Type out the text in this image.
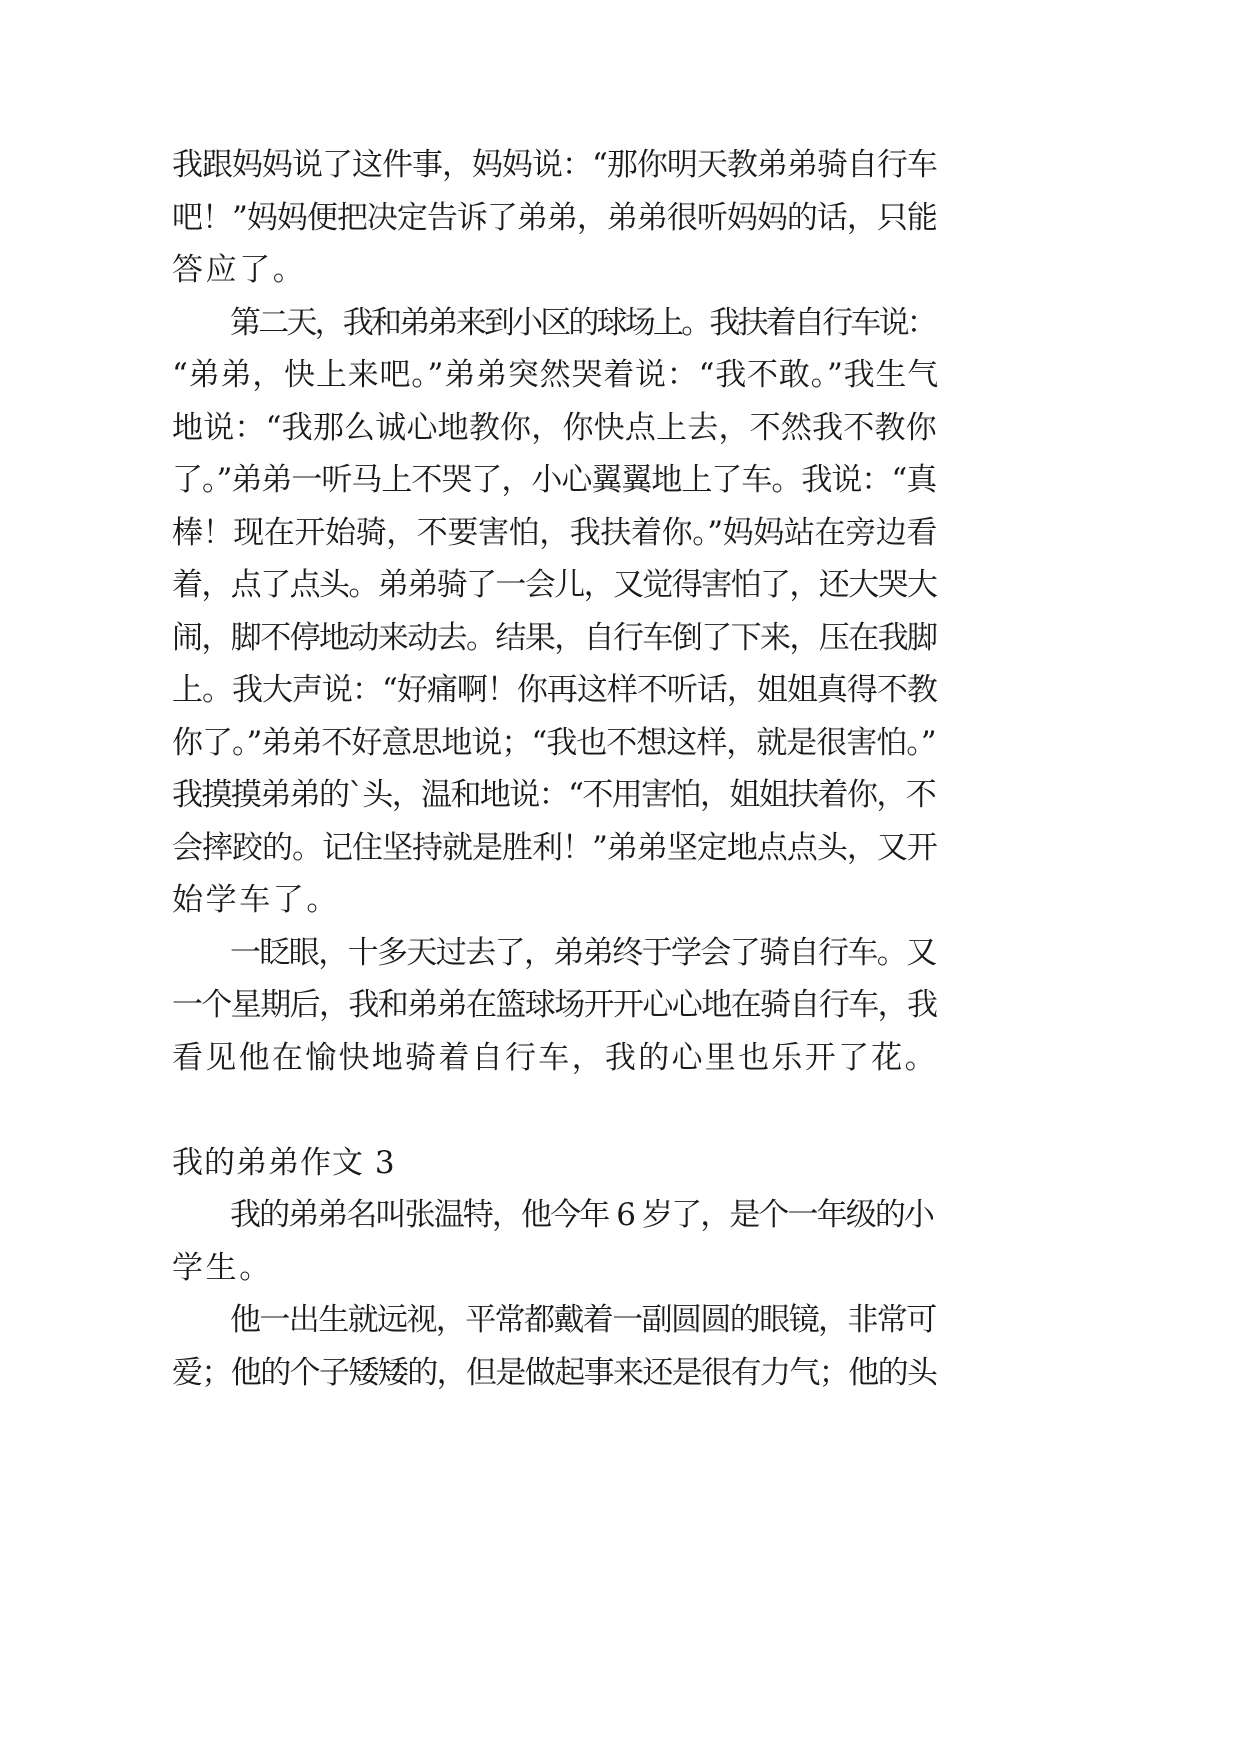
我跟妈妈说了这件事，妈妈说：“那你明天教弟弟骑自行车

吧！”妈妈便把决定告诉了弟弟，弟弟很听妈妈的话，只能

答应了。

第二天，我和弟弟来到小区的球场上。我扶着自行车说：

“弟弟，快上来吧。”弟弟突然哭着说：“我不敢。”我生气

地说：“我那么诚心地教你，你快点上去，不然我不教你

了。”弟弟一听马上不哭了，小心翼翼地上了车。我说：“真

棒！现在开始骑，不要害怕，我扶着你。”妈妈站在旁边看

着，点了点头。弟弟骑了一会儿，又觉得害怕了，还大哭大

闹，脚不停地动来动去。结果，自行车倒了下来，压在我脚

上。我大声说：“好痛啊！你再这样不听话，姐姐真得不教

你了。”弟弟不好意思地说；“我也不想这样，就是很害怕。”

我摸摸弟弟的`头，温和地说：“不用害怕，姐姐扶着你，不

会摔跤的。记住坚持就是胜利！”弟弟坚定地点点头，又开

始学车了。

一眨眼，十多天过去了，弟弟终于学会了骑自行车。又

一个星期后，我和弟弟在篮球场开开心心地在骑自行车，我

看见他在愉快地骑着自行车，我的心里也乐开了花。

我的弟弟作文 3

我的弟弟名叫张温特，他今年 6 岁了，是个一年级的小

学生。

他一出生就远视，平常都戴着一副圆圆的眼镜，非常可

爱；他的个子矮矮的，但是做起事来还是很有力气；他的头
